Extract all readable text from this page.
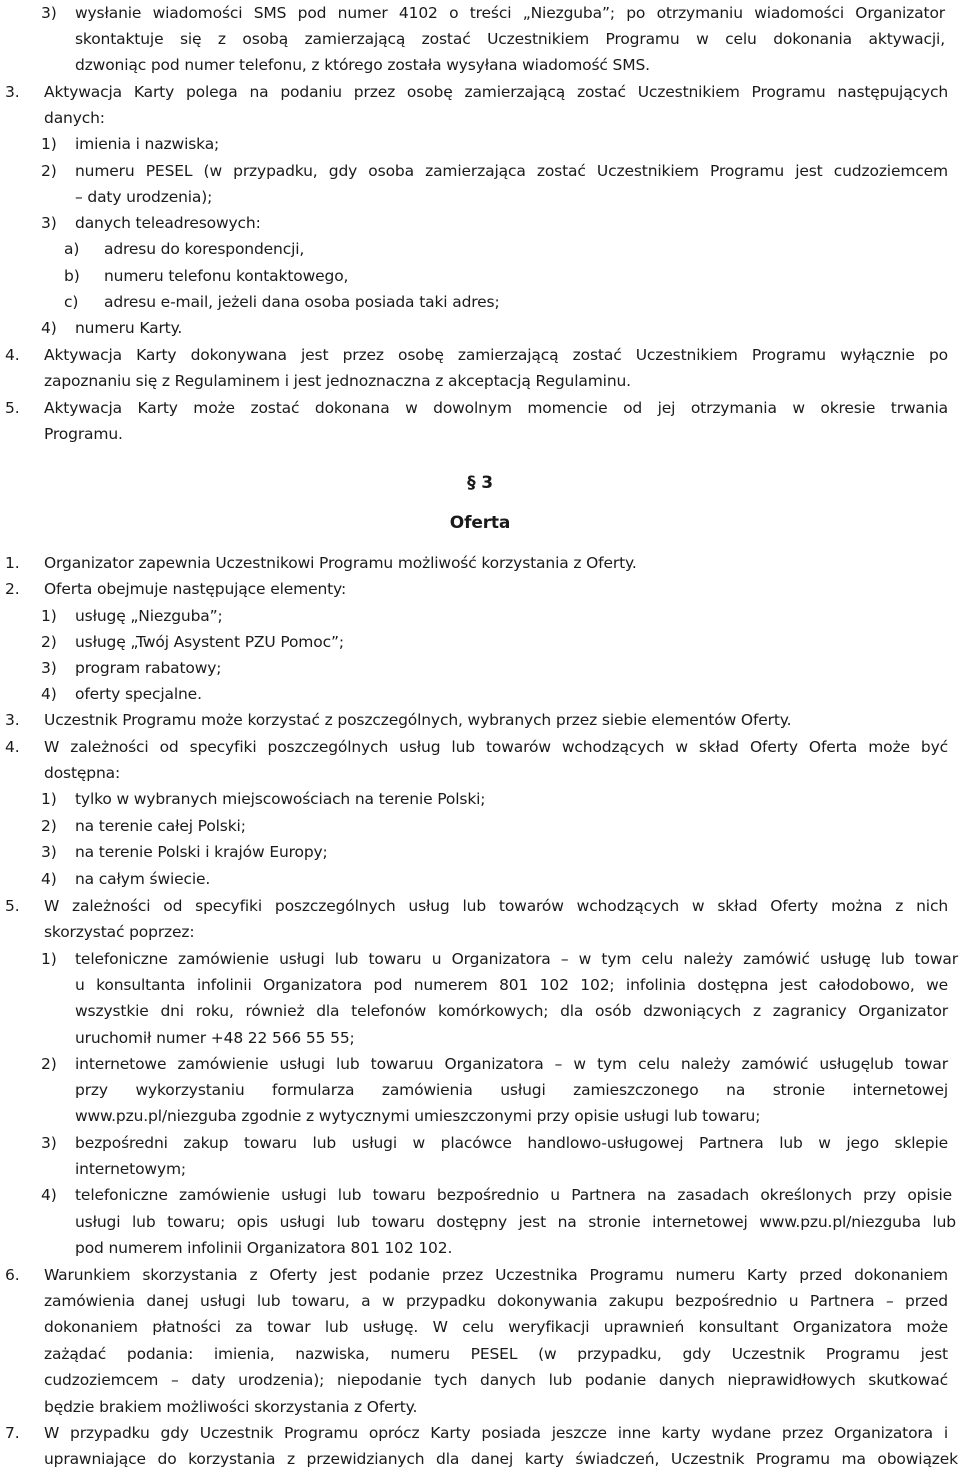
§ 3
Oferta
3) wysłanie wiadomości SMS pod numer 4102 o treści „Niezguba”; po otrzymaniu wiadomości Organizator
skontaktuje się z osobą zamierzającą zostać Uczestnikiem Programu w celu dokonania aktywacji,
dzwoniąc pod numer telefonu, z którego została wysyłana wiadomość SMS.
3. Aktywacja Karty polega na podaniu przez osobę zamierzającą zostać Uczestnikiem Programu następujących
danych:
1) imienia i nazwiska;
2) numeru PESEL (w przypadku, gdy osoba zamierzająca zostać Uczestnikiem Programu jest cudzoziemcem
– daty urodzenia);
3) danych teleadresowych:
a) adresu do korespondencji,
b) numeru telefonu kontaktowego,
c) adresu e-mail, jeżeli dana osoba posiada taki adres;
4) numeru Karty.
4. Aktywacja Karty dokonywana jest przez osobę zamierzającą zostać Uczestnikiem Programu wyłącznie po
zapoznaniu się z Regulaminem i jest jednoznaczna z akceptacją Regulaminu.
5. Aktywacja Karty może zostać dokonana w dowolnym momencie od jej otrzymania w okresie trwania
Programu.
1. Organizator zapewnia Uczestnikowi Programu możliwość korzystania z Oferty.
2. Oferta obejmuje następujące elementy:
1) usługę „Niezguba”;
2) usługę „Twój Asystent PZU Pomoc”;
3) program rabatowy;
4) oferty specjalne.
3. Uczestnik Programu może korzystać z poszczególnych, wybranych przez siebie elementów Oferty.
4. W zależności od specyfiki poszczególnych usług lub towarów wchodzących w skład Oferty Oferta może być
dostępna:
1) tylko w wybranych miejscowościach na terenie Polski;
2) na terenie całej Polski;
3) na terenie Polski i krajów Europy;
4) na całym świecie.
5. W zależności od specyfiki poszczególnych usług lub towarów wchodzących w skład Oferty można z nich
skorzystać poprzez:
1) telefoniczne zamówienie usługi lub towaru u Organizatora – w tym celu należy zamówić usługę lub towar
u konsultanta infolinii Organizatora pod numerem 801 102 102; infolinia dostępna jest całodobowo, we
wszystkie dni roku, również dla telefonów komórkowych; dla osób dzwoniących z zagranicy Organizator
uruchomił numer +48 22 566 55 55;
2) internetowe zamówienie usługi lub towaruu Organizatora – w tym celu należy zamówić usługęlub towar
przy wykorzystaniu formularza zamówienia usługi zamieszczonego na stronie internetowej
www.pzu.pl/niezguba zgodnie z wytycznymi umieszczonymi przy opisie usługi lub towaru;
3) bezpośredni zakup towaru lub usługi w placówce handlowo-usługowej Partnera lub w jego sklepie
internetowym;
4) telefoniczne zamówienie usługi lub towaru bezpośrednio u Partnera na zasadach określonych przy opisie
usługi lub towaru; opis usługi lub towaru dostępny jest na stronie internetowej www.pzu.pl/niezguba lub
pod numerem infolinii Organizatora 801 102 102.
6. Warunkiem skorzystania z Oferty jest podanie przez Uczestnika Programu numeru Karty przed dokonaniem
zamówienia danej usługi lub towaru, a w przypadku dokonywania zakupu bezpośrednio u Partnera – przed
dokonaniem płatności za towar lub usługę. W celu weryfikacji uprawnień konsultant Organizatora może
zażądać podania: imienia, nazwiska, numeru PESEL (w przypadku, gdy Uczestnik Programu jest
cudzoziemcem – daty urodzenia); niepodanie tych danych lub podanie danych nieprawidłowych skutkować
będzie brakiem możliwości skorzystania z Oferty.
7. W przypadku gdy Uczestnik Programu oprócz Karty posiada jeszcze inne karty wydane przez Organizatora i
uprawniające do korzystania z przewidzianych dla danej karty świadczeń, Uczestnik Programu ma obowiązek
